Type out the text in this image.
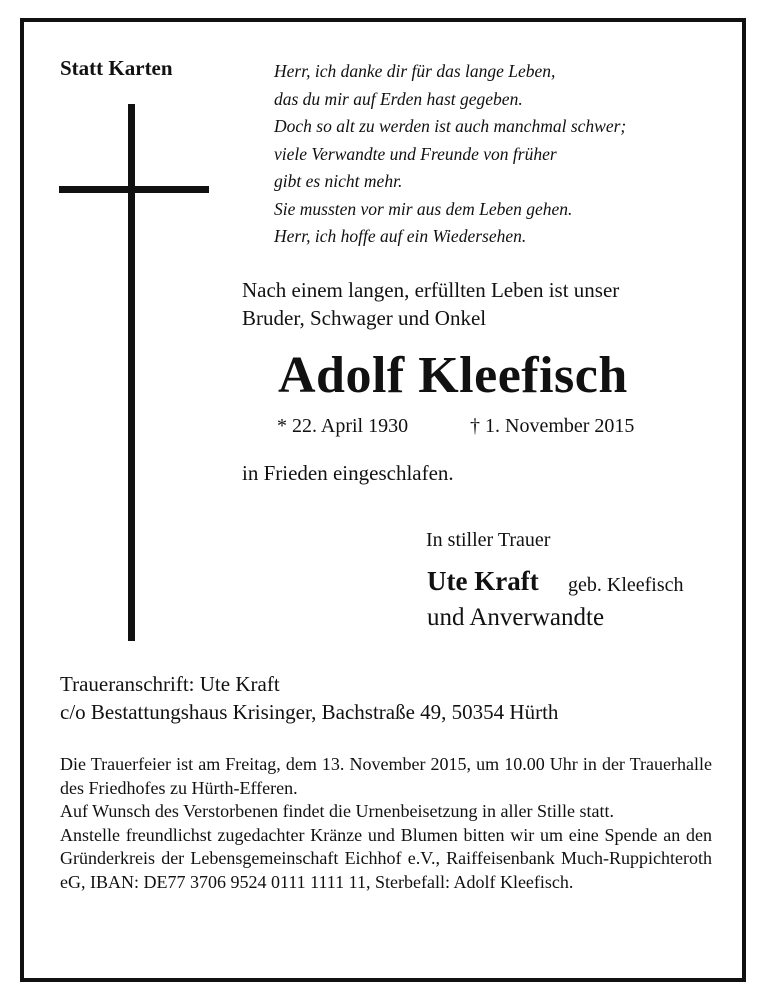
Statt Karten	Herr, ich danke dir für das lange Leben,
das du mir auf Erden hast gegeben.
Doch so alt zu werden ist auch manchmal schwer;
viele Verwandte und Freunde von früher
gibt es nicht mehr.
Sie mussten vor mir aus dem Leben gehen.
Herr, ich hoffe auf ein Wiedersehen.
Nach einem langen, erfüllten Leben ist unser
Bruder, Schwager und Onkel
Adolf Kleefisch
* 22. April 1930	† 1. November 2015
in Frieden eingeschlafen.
In stiller Trauer
Ute Kraft geb. Kleefisch
und Anverwandte
Traueranschrift: Ute Kraft
c/o Bestattungshaus Krisinger, Bachstraße 49, 50354 Hürth

Die Trauerfeier ist am Freitag, dem 13. November 2015, um 10.00 Uhr in der Trauerhalle des Friedhofes zu Hürth-Efferen.

Auf Wunsch des Verstorbenen findet die Urnenbeisetzung in aller Stille statt.

Anstelle freundlichst zugedachter Kränze und Blumen bitten wir um eine Spende an den Gründerkreis der Lebensgemeinschaft Eichhof e.V., Raiffeisenbank Much-Ruppichteroth eG, IBAN: DE77 3706 9524 0111 1111 11, Sterbefall: Adolf Kleefisch.
